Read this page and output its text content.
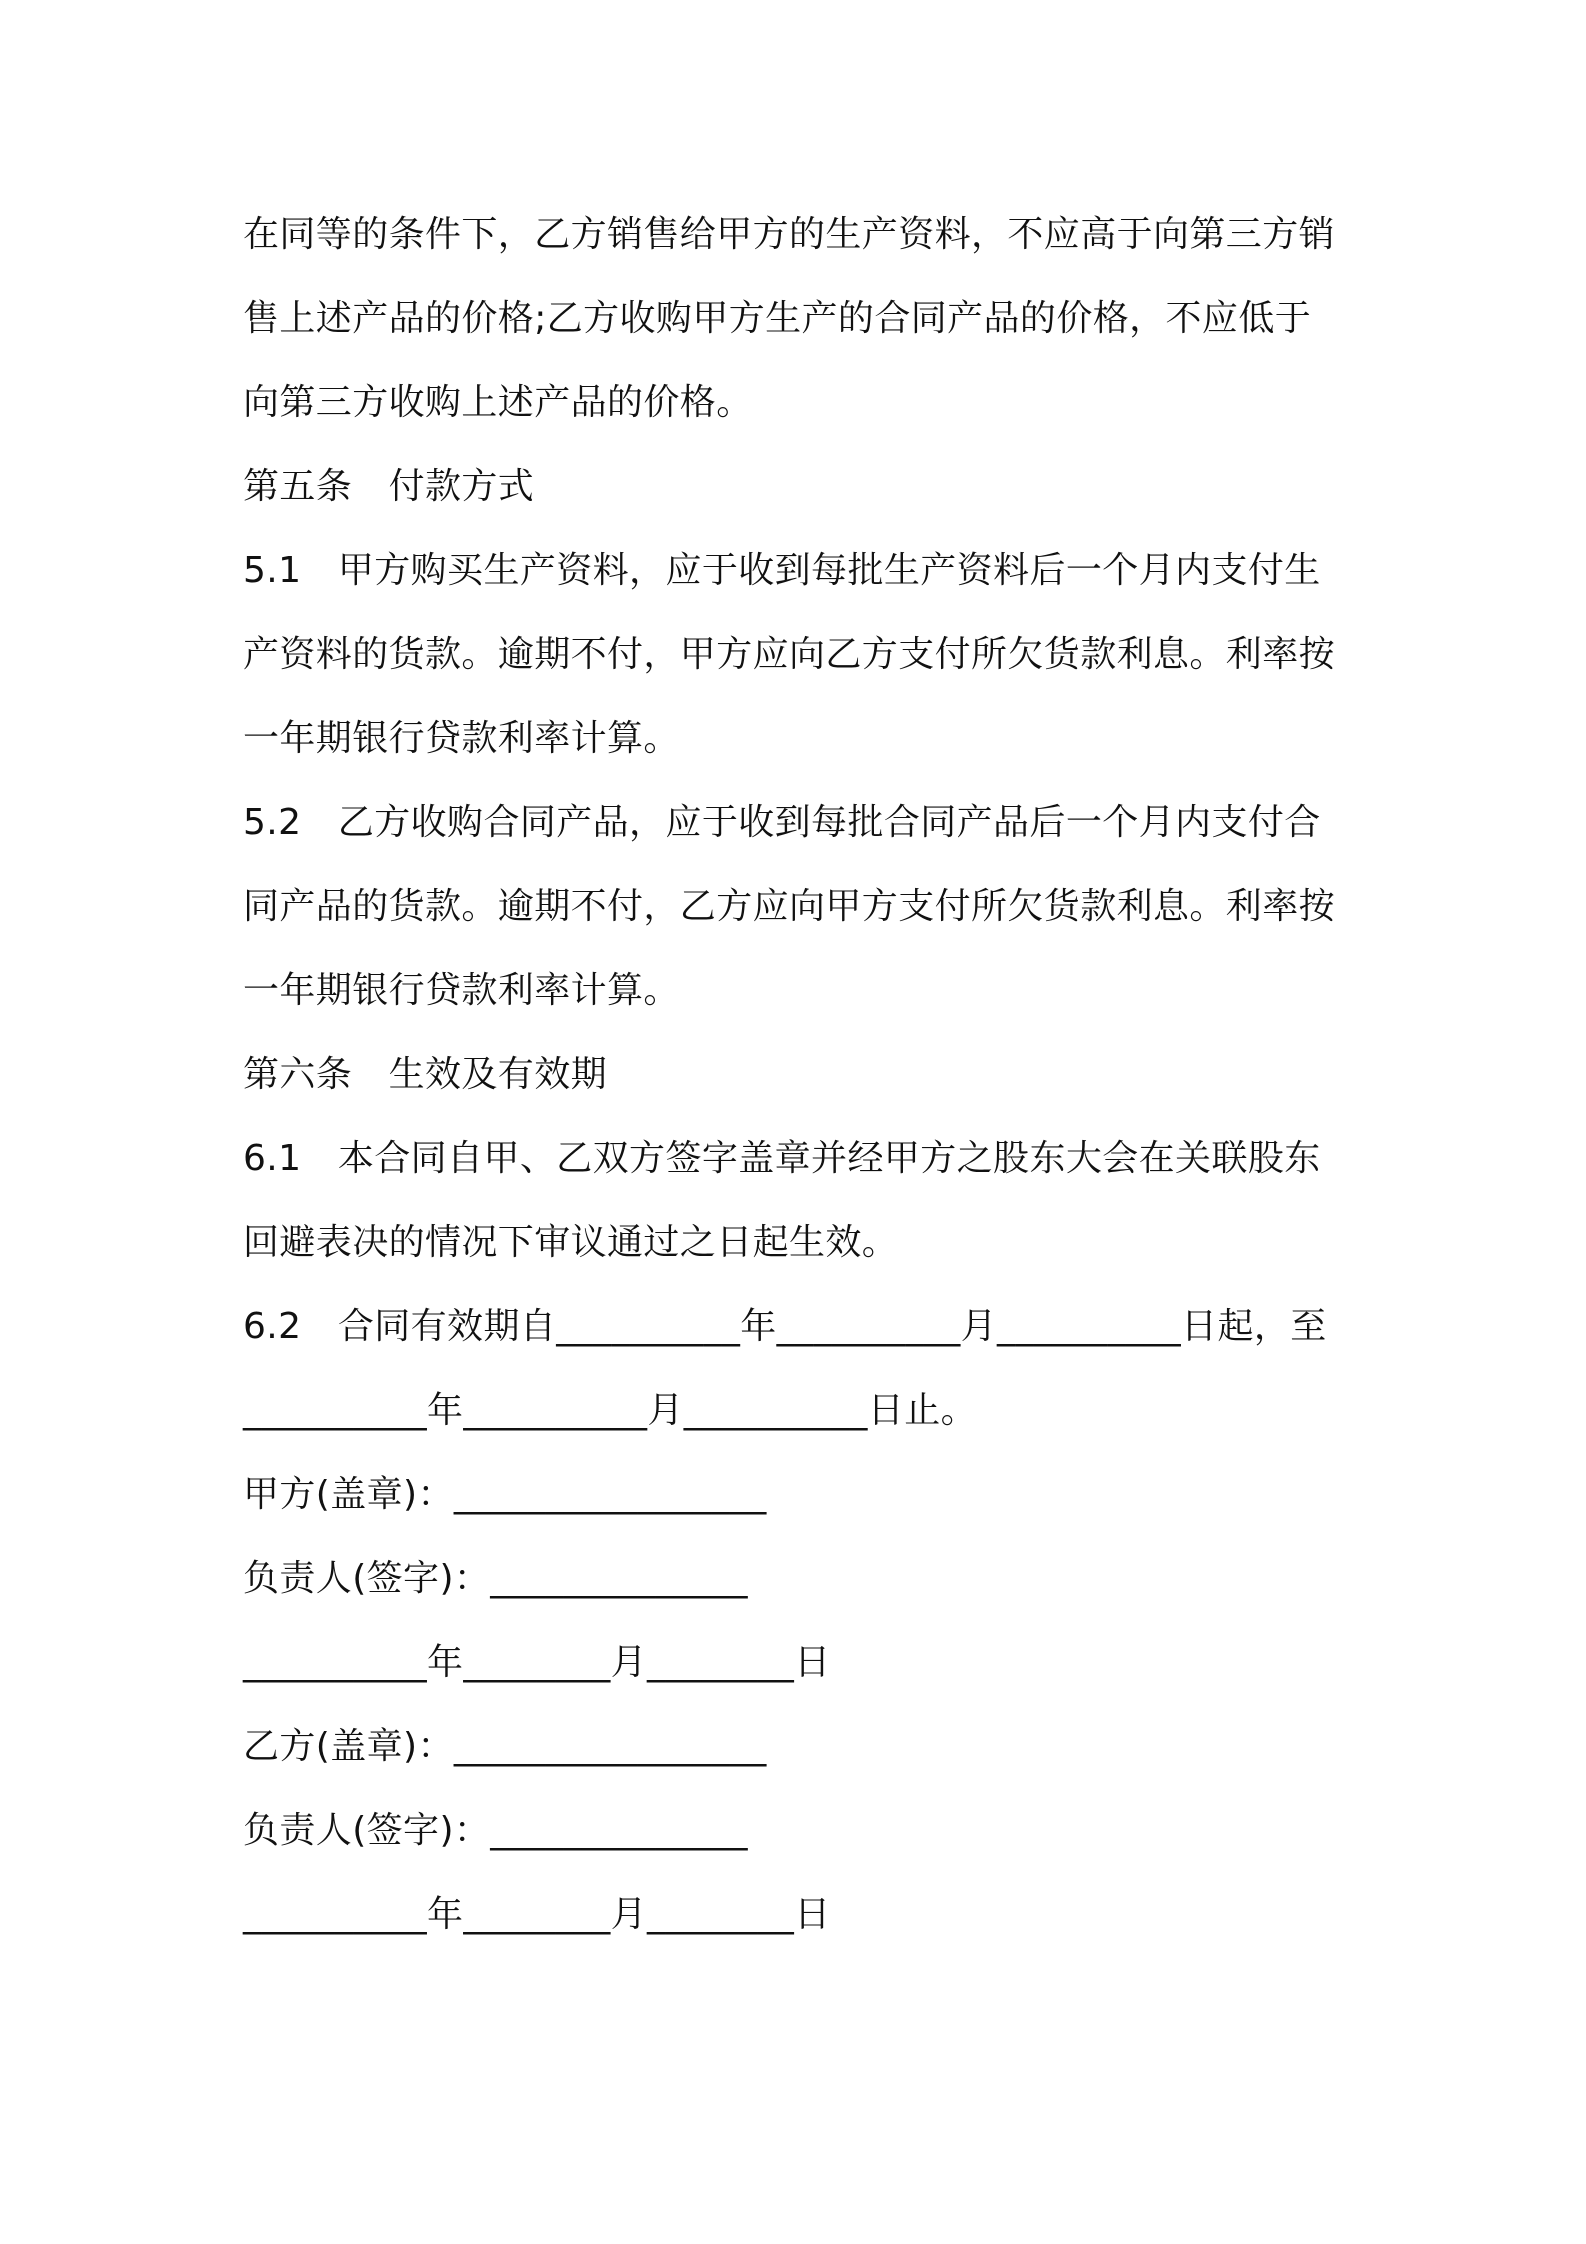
在同等的条件下，乙方销售给甲方的生产资料，不应高于向第三方销
售上述产品的价格;乙方收购甲方生产的合同产品的价格，不应低于
向第三方收购上述产品的价格。
第五条　付款方式
5.1　甲方购买生产资料，应于收到每批生产资料后一个月内支付生
产资料的货款。逾期不付，甲方应向乙方支付所欠货款利息。利率按
一年期银行贷款利率计算。
5.2　乙方收购合同产品，应于收到每批合同产品后一个月内支付合
同产品的货款。逾期不付，乙方应向甲方支付所欠货款利息。利率按
一年期银行贷款利率计算。
第六条　生效及有效期
6.1　本合同自甲、乙双方签字盖章并经甲方之股东大会在关联股东
回避表决的情况下审议通过之日起生效。
6.2　合同有效期自__________年__________月__________日起，至
__________年__________月__________日止。
甲方(盖章)：_________________
负责人(签字)：______________
__________年________月________日
乙方(盖章)：_________________
负责人(签字)：______________
__________年________月________日
